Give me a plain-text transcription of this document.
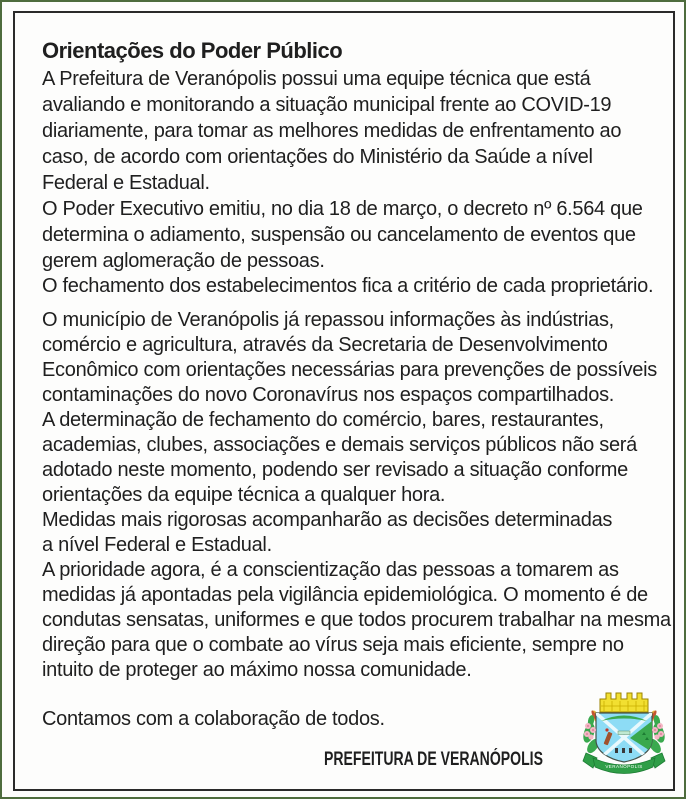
Orientações do Poder Público
A Prefeitura de Veranópolis possui uma equipe técnica que está
avaliando e monitorando a situação municipal frente ao COVID-19
diariamente, para tomar as melhores medidas de enfrentamento ao
caso, de acordo com orientações do Ministério da Saúde a nível
Federal e Estadual.
O Poder Executivo emitiu, no dia 18 de março, o decreto nº 6.564 que
determina o adiamento, suspensão ou cancelamento de eventos que
gerem aglomeração de pessoas.
O fechamento dos estabelecimentos fica a critério de cada proprietário.
O município de Veranópolis já repassou informações às indústrias,
comércio e agricultura, através da Secretaria de Desenvolvimento
Econômico com orientações necessárias para prevenções de possíveis
contaminações do novo Coronavírus nos espaços compartilhados.
A determinação de fechamento do comércio, bares, restaurantes,
academias, clubes, associações e demais serviços públicos não será
adotado neste momento, podendo ser revisado a situação conforme
orientações da equipe técnica a qualquer hora.
Medidas mais rigorosas acompanharão as decisões determinadas
a nível Federal e Estadual.
A prioridade agora, é a conscientização das pessoas a tomarem as
medidas já apontadas pela vigilância epidemiológica. O momento é de
condutas sensatas, uniformes e que todos procurem trabalhar na mesma
direção para que o combate ao vírus seja mais eficiente, sempre no
intuito de proteger ao máximo nossa comunidade.
Contamos com a colaboração de todos.
PREFEITURA DE VERANÓPOLIS	VERANÓPOLIS
